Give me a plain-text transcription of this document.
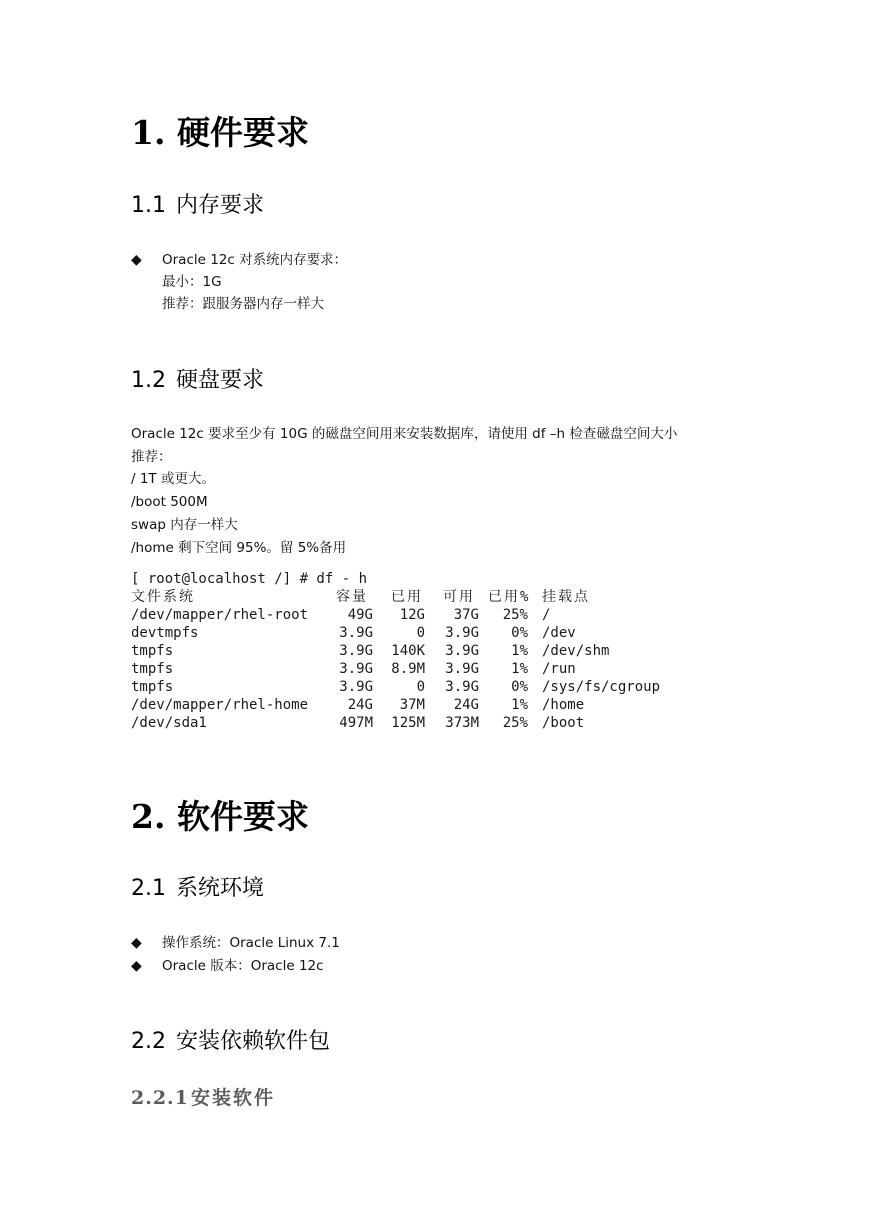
1. 硬件要求
1.1 内存要求
◆	Oracle 12c 对系统内存要求：
最小：1G
推荐：跟服务器内存一样大
1.2 硬盘要求
Oracle 12c 要求至少有 10G 的磁盘空间用来安装数据库，请使用 df –h 检查磁盘空间大小
推荐：
/ 1T 或更大。
/boot 500M
swap 内存一样大
/home 剩下空间 95%。留 5%备用
[ root@localhost /] # df - h
文件系统	容量 已用 可用 已用% 挂载点
/dev/mapper/rhel-root	49G	12G	37G	25% /
devtmpfs	3.9G	0	3.9G	0% /dev
tmpfs	3.9G	140K	3.9G	1% /dev/shm
tmpfs	3.9G	8.9M	3.9G	1% /run
tmpfs	3.9G	0	3.9G	0% /sys/fs/cgroup
/dev/mapper/rhel-home	24G	37M	24G	1% /home
/dev/sda1	497M	125M	373M	25% /boot
2. 软件要求
2.1 系统环境
◆	操作系统：Oracle Linux 7.1
◆	Oracle 版本：Oracle 12c
2.2 安装依赖软件包
2.2.1 安装软件
